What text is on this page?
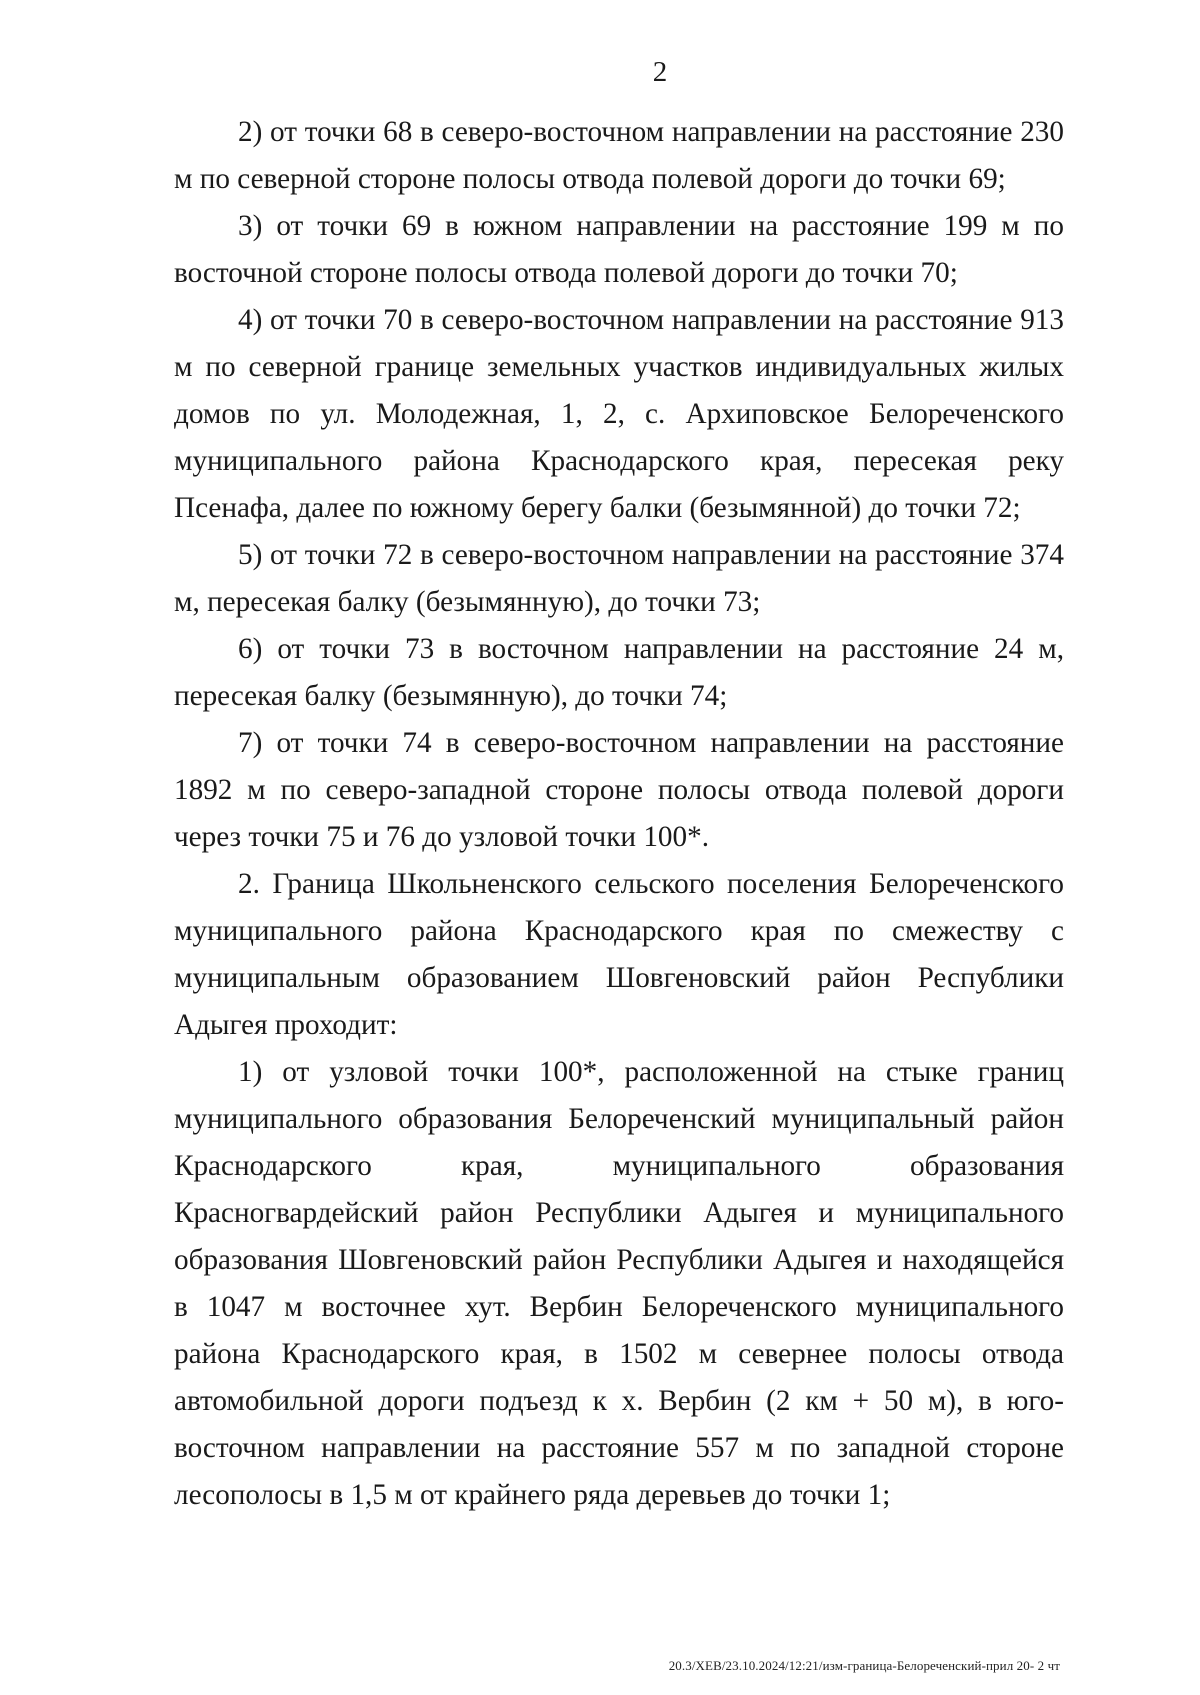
2

2) от точки 68 в северо-восточном направлении на расстояние 230 м по северной стороне полосы отвода полевой дороги до точки 69;

3) от точки 69 в южном направлении на расстояние 199 м по восточной стороне полосы отвода полевой дороги до точки 70;

4) от точки 70 в северо-восточном направлении на расстояние 913 м по северной границе земельных участков индивидуальных жилых домов по ул. Молодежная, 1, 2, с. Архиповское Белореченского муниципального района Краснодарского края, пересекая реку Псенафа, далее по южному берегу балки (безымянной) до точки 72;

5) от точки 72 в северо-восточном направлении на расстояние 374 м, пересекая балку (безымянную), до точки 73;

6) от точки 73 в восточном направлении на расстояние 24 м, пересекая балку (безымянную), до точки 74;

7) от точки 74 в северо-восточном направлении на расстояние 1892 м по северо-западной стороне полосы отвода полевой дороги через точки 75 и 76 до узловой точки 100*.

2. Граница Школьненского сельского поселения Белореченского муниципального района Краснодарского края по смежеству с муниципальным образованием Шовгеновский район Республики Адыгея проходит:

1) от узловой точки 100*, расположенной на стыке границ муниципального образования Белореченский муниципальный район Краснодарского края, муниципального образования Красногвардейский район Республики Адыгея и муниципального образования Шовгеновский район Республики Адыгея и находящейся в 1047 м восточнее хут. Вербин Белореченского муниципального района Краснодарского края, в 1502 м севернее полосы отвода автомобильной дороги подъезд к х. Вербин (2 км + 50 м), в юго-восточном направлении на расстояние 557 м по западной стороне лесополосы в 1,5 м от крайнего ряда деревьев до точки 1;

20.3/ХЕВ/23.10.2024/12:21/изм-граница-Белореченский-прил 20- 2 чт
